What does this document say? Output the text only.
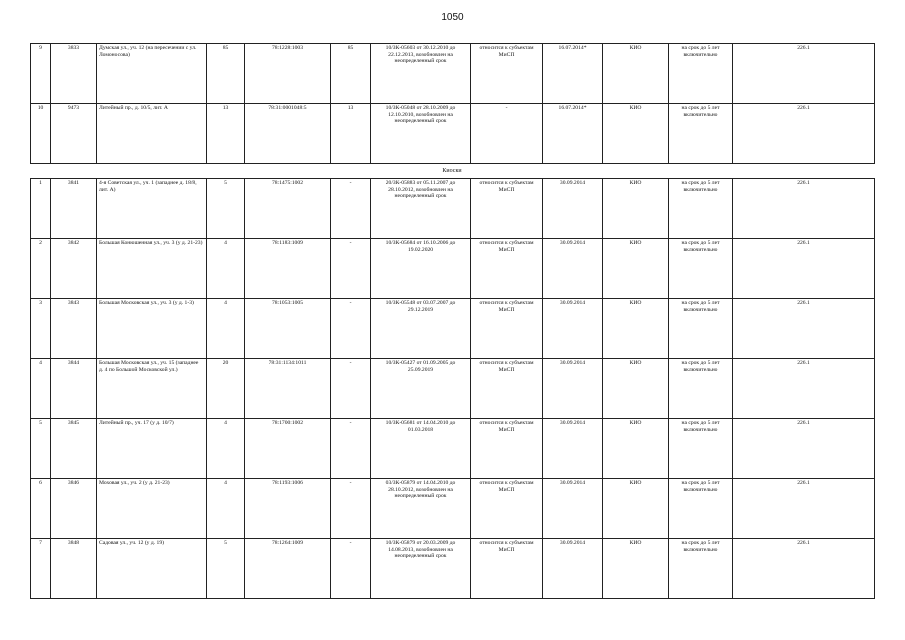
1050
9	3833	Думская ул., уч. 12 (на пересечении с ул. Ломоносова)	85	78:1228:1003	85	10/ЗК-05603 от 30.12.2010 до 22.12.2013, возобновлен на неопределенный срок	относится к субъектам МиСП	16.07.2014*	КИО	на срок до 5 лет включительно	226.1
10	9473	Литейный пр., д. 10/5, лит. А	13	78:31:0001048:5	13	10/ЗК-05048 от 28.10.2009 до 12.10.2010, возобновлен на неопределенный срок	-	16.07.2014*	КИО	на срок до 5 лет включительно	226.1
Киоски
1	3841	4-я Советская ул., уч. 1 (западнее д. 18/8, лит. А)	5	78:1475:1002	-	20/ЗК-05883 от 05.11.2007 до 28.10.2012, возобновлен на неопределенный срок	относится к субъектам МиСП	30.09.2014	КИО	на срок до 5 лет включительно	226.1
2	3842	Большая Конюшенная ул., уч. 3 (у д. 21-23)	4	78:1183:1009	-	10/ЗК-05684 от 16.10.2006 до 19.02.2020	относится к субъектам МиСП	30.09.2014	КИО	на срок до 5 лет включительно	226.1
3	3843	Большая Московская ул., уч. 3 (у д. 1-3)	4	78:1053:1005	-	10/ЗК-05548 от 03.07.2007 до 29.12.2019	относится к субъектам МиСП	30.09.2014	КИО	на срок до 5 лет включительно	226.1
4	3844	Большая Московская ул., уч. 15 (западнее д. 4 по Большой Московской ул.)	20	78:31:1134:1011	-	10/ЗК-05427 от 01.09.2005 до 25.09.2019	относится к субъектам МиСП	30.09.2014	КИО	на срок до 5 лет включительно	226.1
5	3845	Литейный пр., уч. 17 (у д. 10/7)	4	78:1700:1002	-	10/ЗК-05681 от 14.04.2010 до 01.03.2018	относится к субъектам МиСП	30.09.2014	КИО	на срок до 5 лет включительно	226.1
6	3846	Моховая ул., уч. 2 (у д. 21-23)	4	78:1193:1006	-	03/ЗК-05879 от 14.04.2010 до 28.10.2012, возобновлен на неопределенный срок	относится к субъектам МиСП	30.09.2014	КИО	на срок до 5 лет включительно	226.1
7	3848	Садовая ул., уч. 12 (у д. 19)	5	78:1264:1009	-	10/ЗК-05879 от 20.03.2009 до 14.08.2013, возобновлен на неопределенный срок	относится к субъектам МиСП	30.09.2014	КИО	на срок до 5 лет включительно	226.1
